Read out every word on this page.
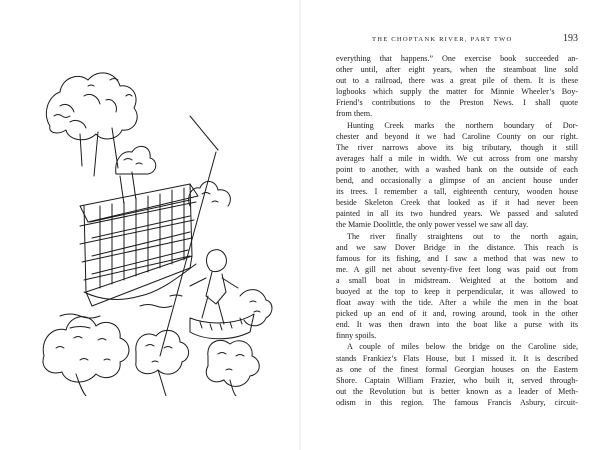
THE CHOPTANK RIVER, PART TWO	193

everything that happens.” One exercise book succeeded an-
other until, after eight years, when the steamboat line sold
out to a railroad, there was a great pile of them. It is these
logbooks which supply the matter for Minnie Wheeler’s Boy-
Friend’s contributions to the Preston News. I shall quote
from them.

Hunting Creek marks the northern boundary of Dor-
chester and beyond it we had Caroline County on our right.
The river narrows above its big tributary, though it still
averages half a mile in width. We cut across from one marshy
point to another, with a washed bank on the outside of each
bend, and occasionally a glimpse of an ancient house under
its trees. I remember a tall, eighteenth century, wooden house
beside Skeleton Creek that looked as if it had never been
painted in all its two hundred years. We passed and saluted
the Mamie Doolittle, the only power vessel we saw all day.

The river finally straightens out to the north again,
and we saw Dover Bridge in the distance. This reach is
famous for its fishing, and I saw a method that was new to
me. A gill net about seventy-five feet long was paid out from
a small boat in midstream. Weighted at the bottom and
buoyed at the top to keep it perpendicular, it was allowed to
float away with the tide. After a while the men in the boat
picked up an end of it and, rowing around, took in the other
end. It was then drawn into the boat like a purse with its
finny spoils.

A couple of miles below the bridge on the Caroline side,
stands Frankiez’s Flats House, but I missed it. It is described
as one of the finest formal Georgian houses on the Eastern
Shore. Captain William Frazier, who built it, served through-
out the Revolution but is better known as a leader of Meth-
odism in this region. The famous Francis Asbury, circuit-
